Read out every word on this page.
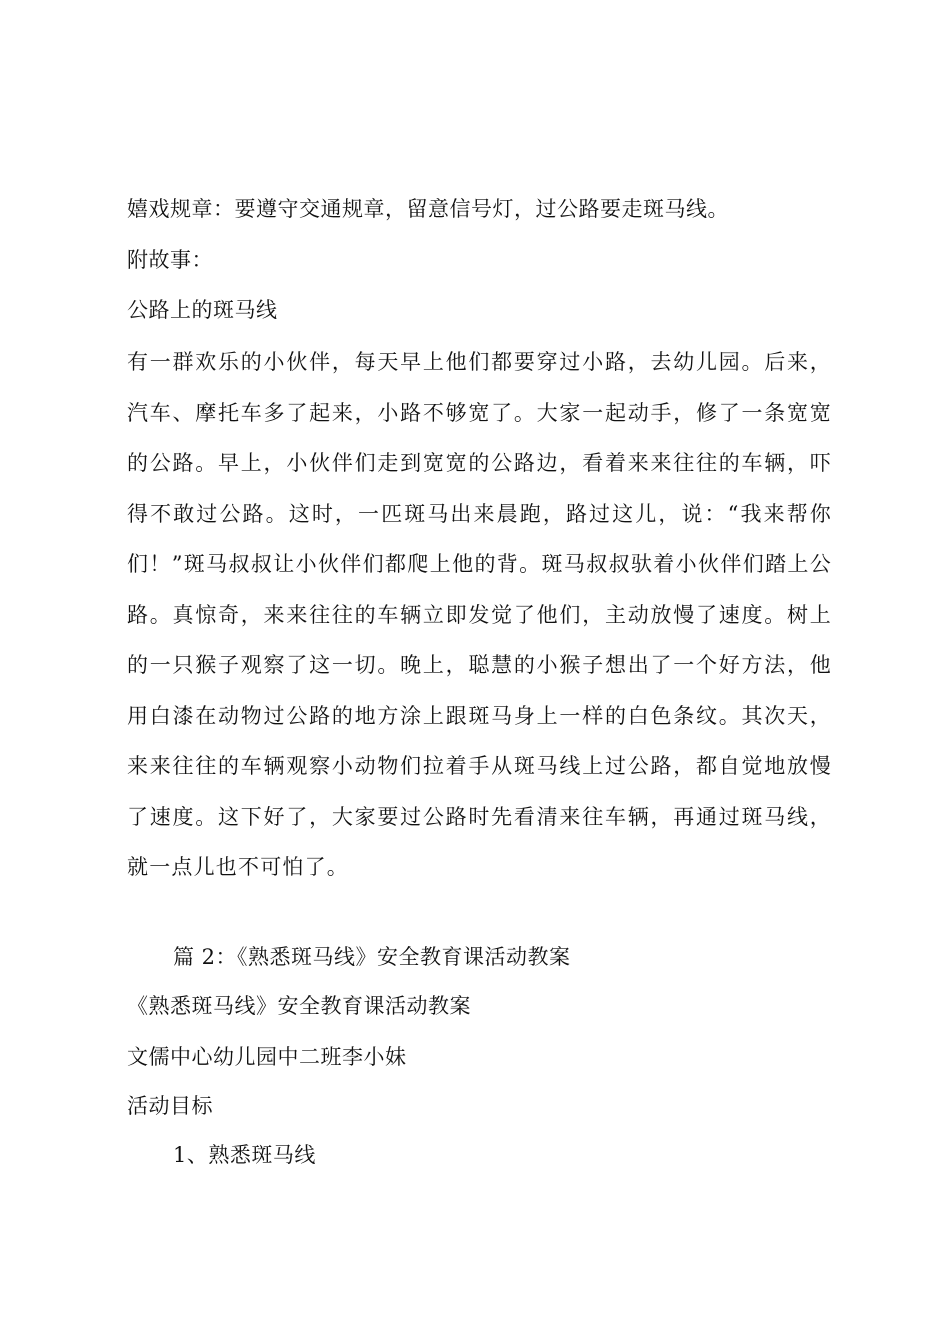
嬉戏规章：要遵守交通规章，留意信号灯，过公路要走斑马线。
附故事：
公路上的斑马线
有一群欢乐的小伙伴，每天早上他们都要穿过小路，去幼儿园。后来，汽车、摩托车多了起来，小路不够宽了。大家一起动手，修了一条宽宽的公路。早上，小伙伴们走到宽宽的公路边，看着来来往往的车辆，吓得不敢过公路。这时，一匹斑马出来晨跑，路过这儿，说：“我来帮你们！”斑马叔叔让小伙伴们都爬上他的背。斑马叔叔驮着小伙伴们踏上公路。真惊奇，来来往往的车辆立即发觉了他们，主动放慢了速度。树上的一只猴子观察了这一切。晚上，聪慧的小猴子想出了一个好方法，他用白漆在动物过公路的地方涂上跟斑马身上一样的白色条纹。其次天，来来往往的车辆观察小动物们拉着手从斑马线上过公路，都自觉地放慢了速度。这下好了，大家要过公路时先看清来往车辆，再通过斑马线，就一点儿也不可怕了。
篇 2：《熟悉斑马线》安全教育课活动教案
《熟悉斑马线》安全教育课活动教案
文儒中心幼儿园中二班李小妹
活动目标
1、熟悉斑马线
